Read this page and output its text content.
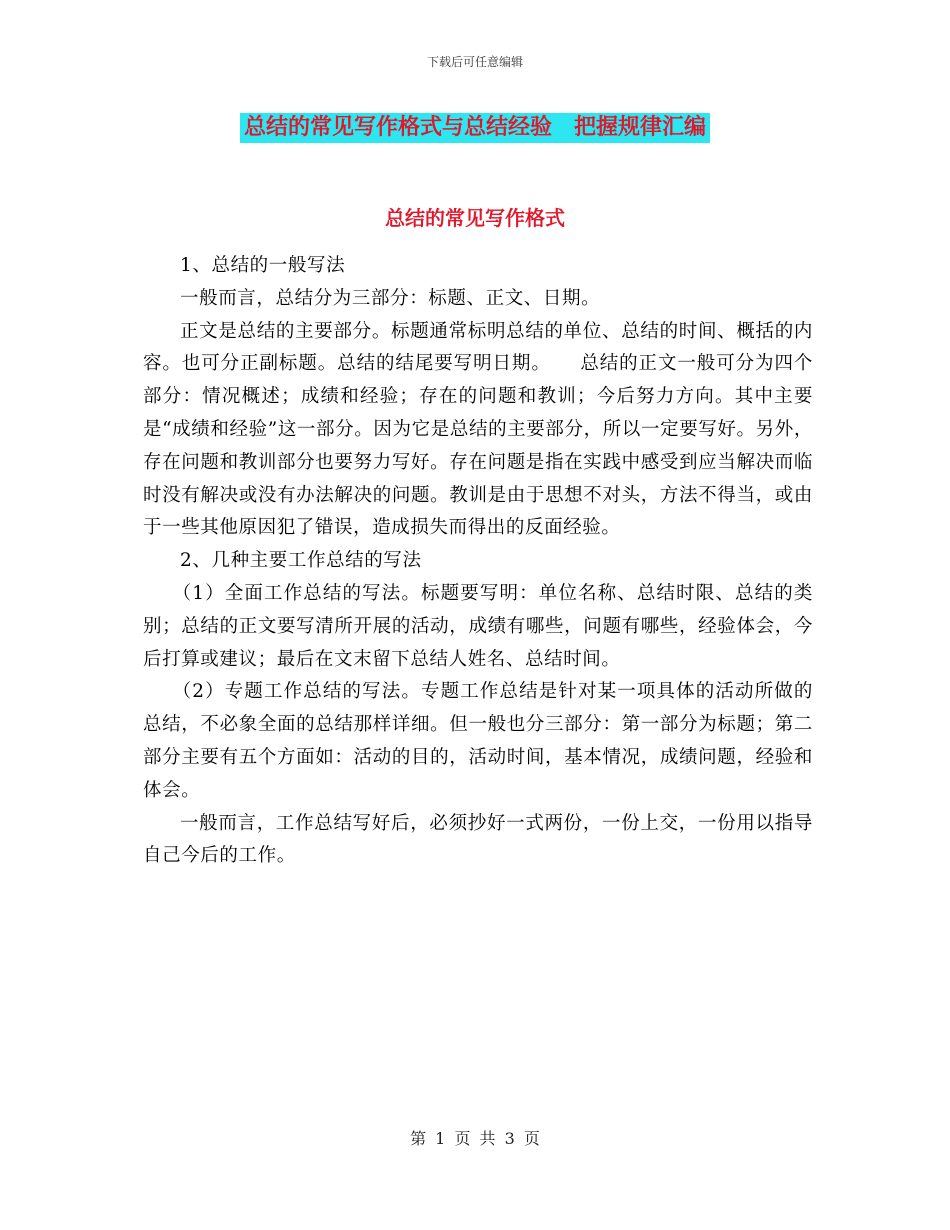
下载后可任意编辑
总结的常见写作格式与总结经验　把握规律汇编
总结的常见写作格式

1、总结的一般写法

一般而言，总结分为三部分：标题、正文、日期。

正文是总结的主要部分。标题通常标明总结的单位、总结的时间、概括的内容。也可分正副标题。总结的结尾要写明日期。　　总结的正文一般可分为四个部分：情况概述；成绩和经验；存在的问题和教训；今后努力方向。其中主要是“成绩和经验”这一部分。因为它是总结的主要部分，所以一定要写好。另外，存在问题和教训部分也要努力写好。存在问题是指在实践中感受到应当解决而临时没有解决或没有办法解决的问题。教训是由于思想不对头，方法不得当，或由于一些其他原因犯了错误，造成损失而得出的反面经验。

2、几种主要工作总结的写法

（1）全面工作总结的写法。标题要写明：单位名称、总结时限、总结的类别；总结的正文要写清所开展的活动，成绩有哪些，问题有哪些，经验体会，今后打算或建议；最后在文末留下总结人姓名、总结时间。

（2）专题工作总结的写法。专题工作总结是针对某一项具体的活动所做的总结，不必象全面的总结那样详细。但一般也分三部分：第一部分为标题；第二部分主要有五个方面如：活动的目的，活动时间，基本情况，成绩问题，经验和体会。

一般而言，工作总结写好后，必须抄好一式两份，一份上交，一份用以指导自己今后的工作。

第 1 页 共 3 页
